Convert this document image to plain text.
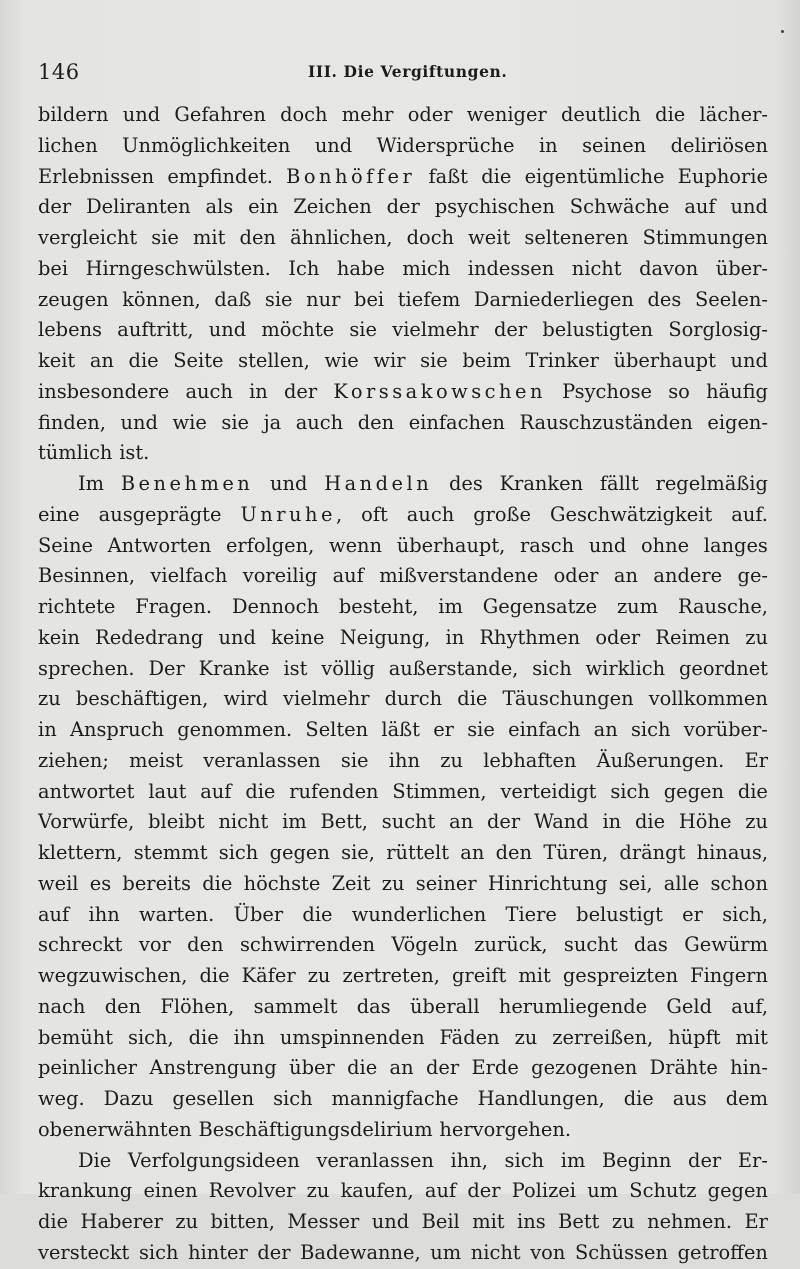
146	III. Die Vergiftungen.
bildern und Gefahren doch mehr oder weniger deutlich die lächer-
lichen Unmöglichkeiten und Widersprüche in seinen deliriösen
Erlebnissen empfindet. Bonhöffer faßt die eigentümliche Euphorie
der Deliranten als ein Zeichen der psychischen Schwäche auf und
vergleicht sie mit den ähnlichen, doch weit selteneren Stimmungen
bei Hirngeschwülsten. Ich habe mich indessen nicht davon über-
zeugen können, daß sie nur bei tiefem Darniederliegen des Seelen-
lebens auftritt, und möchte sie vielmehr der belustigten Sorglosig-
keit an die Seite stellen, wie wir sie beim Trinker überhaupt und
insbesondere auch in der Korssakowschen Psychose so häufig
finden, und wie sie ja auch den einfachen Rauschzuständen eigen-
tümlich ist.
Im Benehmen und Handeln des Kranken fällt regelmäßig
eine ausgeprägte Unruhe, oft auch große Geschwätzigkeit auf.
Seine Antworten erfolgen, wenn überhaupt, rasch und ohne langes
Besinnen, vielfach voreilig auf mißverstandene oder an andere ge-
richtete Fragen. Dennoch besteht, im Gegensatze zum Rausche,
kein Rededrang und keine Neigung, in Rhythmen oder Reimen zu
sprechen. Der Kranke ist völlig außerstande, sich wirklich geordnet
zu beschäftigen, wird vielmehr durch die Täuschungen vollkommen
in Anspruch genommen. Selten läßt er sie einfach an sich vorüber-
ziehen; meist veranlassen sie ihn zu lebhaften Äußerungen. Er
antwortet laut auf die rufenden Stimmen, verteidigt sich gegen die
Vorwürfe, bleibt nicht im Bett, sucht an der Wand in die Höhe zu
klettern, stemmt sich gegen sie, rüttelt an den Türen, drängt hinaus,
weil es bereits die höchste Zeit zu seiner Hinrichtung sei, alle schon
auf ihn warten. Über die wunderlichen Tiere belustigt er sich,
schreckt vor den schwirrenden Vögeln zurück, sucht das Gewürm
wegzuwischen, die Käfer zu zertreten, greift mit gespreizten Fingern
nach den Flöhen, sammelt das überall herumliegende Geld auf,
bemüht sich, die ihn umspinnenden Fäden zu zerreißen, hüpft mit
peinlicher Anstrengung über die an der Erde gezogenen Drähte hin-
weg. Dazu gesellen sich mannigfache Handlungen, die aus dem
obenerwähnten Beschäftigungsdelirium hervorgehen.
Die Verfolgungsideen veranlassen ihn, sich im Beginn der Er-
krankung einen Revolver zu kaufen, auf der Polizei um Schutz gegen
die Haberer zu bitten, Messer und Beil mit ins Bett zu nehmen. Er
versteckt sich hinter der Badewanne, um nicht von Schüssen getroffen
